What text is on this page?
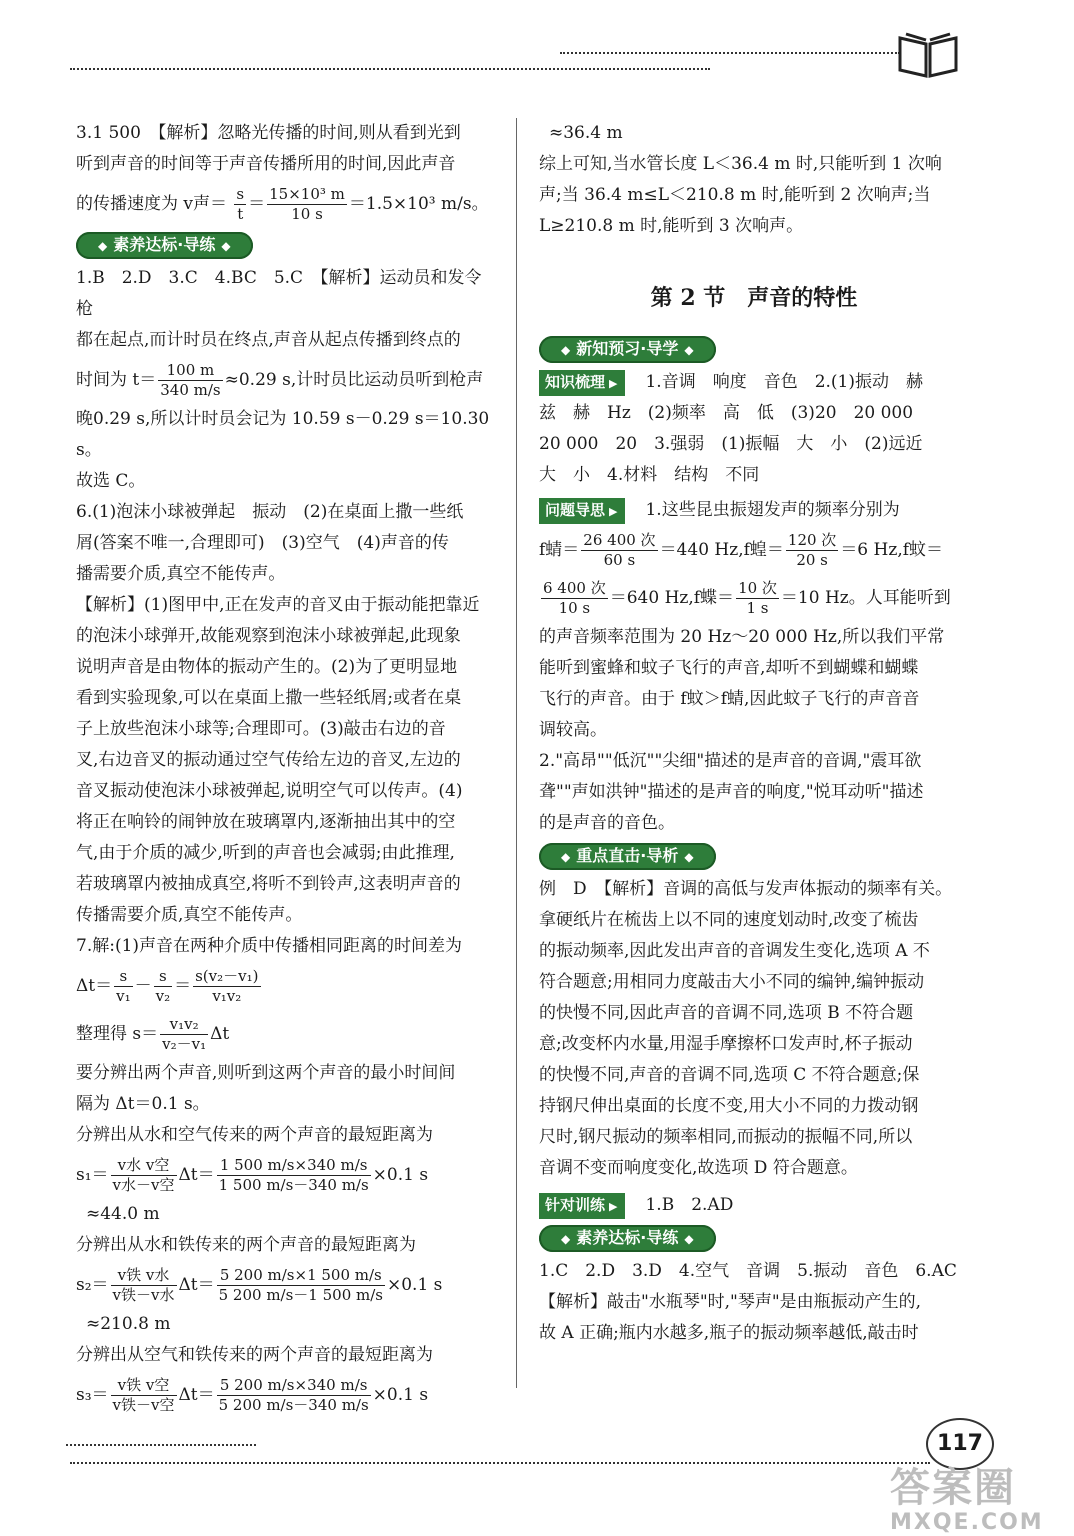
3.1 500　【解析】忽略光传播的时间,则从看到光到

听到声音的时间等于声音传播所用的时间,因此声音

的传播速度为 v声＝ $\frac{s}{t} = \frac{\text{15×10³ m}}{10 s} =1.5\times 10^3$ m/s。

◆ 素养达标·导练 ◆

1.B　2.D　3.C　4.BC　5.C　【解析】运动员和发令枪

都在起点,而计时员在终点,声音从起点传播到终点的

时间为 $t= \frac{100 m}{340 m/s} \approx 0.29$ s,计时员比运动员听到枪声

晚0.29 s,所以计时员会记为 10.59 s－0.29 s＝10.30 s。

故选 C。

6.(1)泡沫小球被弹起　振动　(2)在桌面上撒一些纸

屑(答案不唯一,合理即可)　(3)空气　(4)声音的传

播需要介质,真空不能传声。

【解析】(1)图甲中,正在发声的音叉由于振动能把靠近

的泡沫小球弹开,故能观察到泡沫小球被弹起,此现象

说明声音是由物体的振动产生的。(2)为了更明显地

看到实验现象,可以在桌面上撒一些轻纸屑;或者在桌

子上放些泡沫小球等;合理即可。(3)敲击右边的音

叉,右边音叉的振动通过空气传给左边的音叉,左边的

音叉振动使泡沫小球被弹起,说明空气可以传声。(4)

将正在响铃的闹钟放在玻璃罩内,逐渐抽出其中的空

气,由于介质的减少,听到的声音也会减弱;由此推理,

若玻璃罩内被抽成真空,将听不到铃声,这表明声音的

传播需要介质,真空不能传声。

7.解:(1)声音在两种介质中传播相同距离的时间差为

$\Delta t= \frac{s}{\text{v₁}} - \frac{s}{\text{v₂}} = \frac{\text{s(v₂－v₁)}}{\text{v₁v₂}}$

整理得 $s= \frac{\text{v₁v₂}}{\text{v₂－v₁}}$ Δt

要分辨出两个声音,则听到这两个声音的最小时间间

隔为 Δt＝0.1 s。

分辨出从水和空气传来的两个声音的最短距离为

$s_1= \frac{\text{v水 v空}}{\text{v水－v空}} \Delta t= \frac{1 500 m/s\times 340 m/s}{1 500 m/s-340 m/s} \times 0.1$ s

≈44.0 m

分辨出从水和铁传来的两个声音的最短距离为

$s_2= \frac{\text{v铁 v水}}{\text{v铁－v水}} \Delta t= \frac{5 200 m/s\times 1 500 m/s}{5 200 m/s-1 500 m/s} \times 0.1$ s

≈210.8 m

分辨出从空气和铁传来的两个声音的最短距离为

$s_3= \frac{\text{v铁 v空}}{\text{v铁－v空}} \Delta t= \frac{5 200 m/s\times 340 m/s}{5 200 m/s-340 m/s} \times 0.1$ s

≈36.4 m

综上可知,当水管长度 L＜36.4 m 时,只能听到 1 次响

声;当 36.4 m≤L＜210.8 m 时,能听到 2 次响声;当

L≥210.8 m 时,能听到 3 次响声。

第 2 节　声音的特性
◆ 新知预习·导学 ◆

知识梳理 ▶ 1.音调　响度　音色　2.(1)振动　赫

兹　赫　Hz　(2)频率　高　低　(3)20　20 000

20 000　20　3.强弱　(1)振幅　大　小　(2)远近

大　小　4.材料　结构　不同

问题导思 ▶ 1.这些昆虫振翅发声的频率分别为

f蜻＝ $\frac{\text{26 400 次}}{60 s} =440$ Hz,f蝗＝ $\frac{\text{120 次}}{20 s} =6$ Hz,f蚊＝

$\frac{\text{6 400 次}}{10 s} =640$ Hz,f蝶＝ $\frac{\text{10 次}}{1 s} =10$ Hz。人耳能听到

的声音频率范围为 20 Hz～20 000 Hz,所以我们平常

能听到蜜蜂和蚊子飞行的声音,却听不到蝴蝶和蝴蝶

飞行的声音。由于 f蚊＞f蜻,因此蚊子飞行的声音音

调较高。

2."高昂""低沉""尖细"描述的是声音的音调,"震耳欲

聋""声如洪钟"描述的是声音的响度,"悦耳动听"描述

的是声音的音色。

◆ 重点直击·导析 ◆

例　D　【解析】音调的高低与发声体振动的频率有关。

拿硬纸片在梳齿上以不同的速度划动时,改变了梳齿

的振动频率,因此发出声音的音调发生变化,选项 A 不

符合题意;用相同力度敲击大小不同的编钟,编钟振动

的快慢不同,因此声音的音调不同,选项 B 不符合题

意;改变杯内水量,用湿手摩擦杯口发声时,杯子振动

的快慢不同,声音的音调不同,选项 C 不符合题意;保

持钢尺伸出桌面的长度不变,用大小不同的力拨动钢

尺时,钢尺振动的频率相同,而振动的振幅不同,所以

音调不变而响度变化,故选项 D 符合题意。

针对训练 ▶ 1.B　2.AD

◆ 素养达标·导练 ◆

1.C　2.D　3.D　4.空气　音调　5.振动　音色　6.AC

【解析】敲击"水瓶琴"时,"琴声"是由瓶振动产生的,

故 A 正确;瓶内水越多,瓶子的振动频率越低,敲击时

117
答案圈
MXQE.COM
